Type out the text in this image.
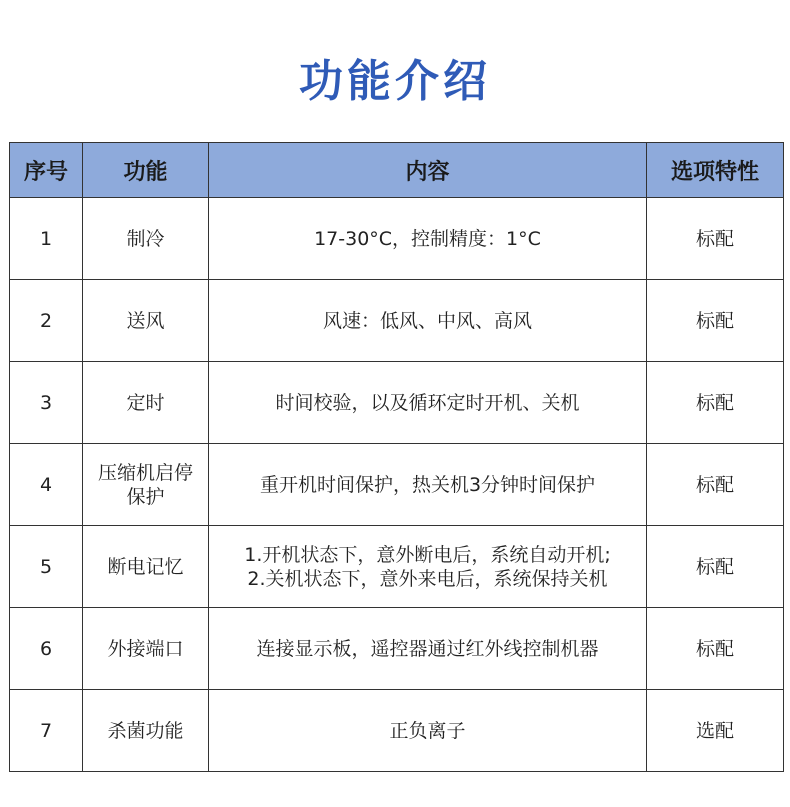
功能介绍
序号	功能	内容	选项特性
1	制冷	17-30°C，控制精度：1°C	标配
2	送风	风速：低风、中风、高风	标配
3	定时	时间校验，以及循环定时开机、关机	标配
4	压缩机启停
保护	重开机时间保护，热关机3分钟时间保护	标配
5	断电记忆	1.开机状态下，意外断电后，系统自动开机;
2.关机状态下，意外来电后，系统保持关机	标配
6	外接端口	连接显示板，遥控器通过红外线控制机器	标配
7	杀菌功能	正负离子	选配
